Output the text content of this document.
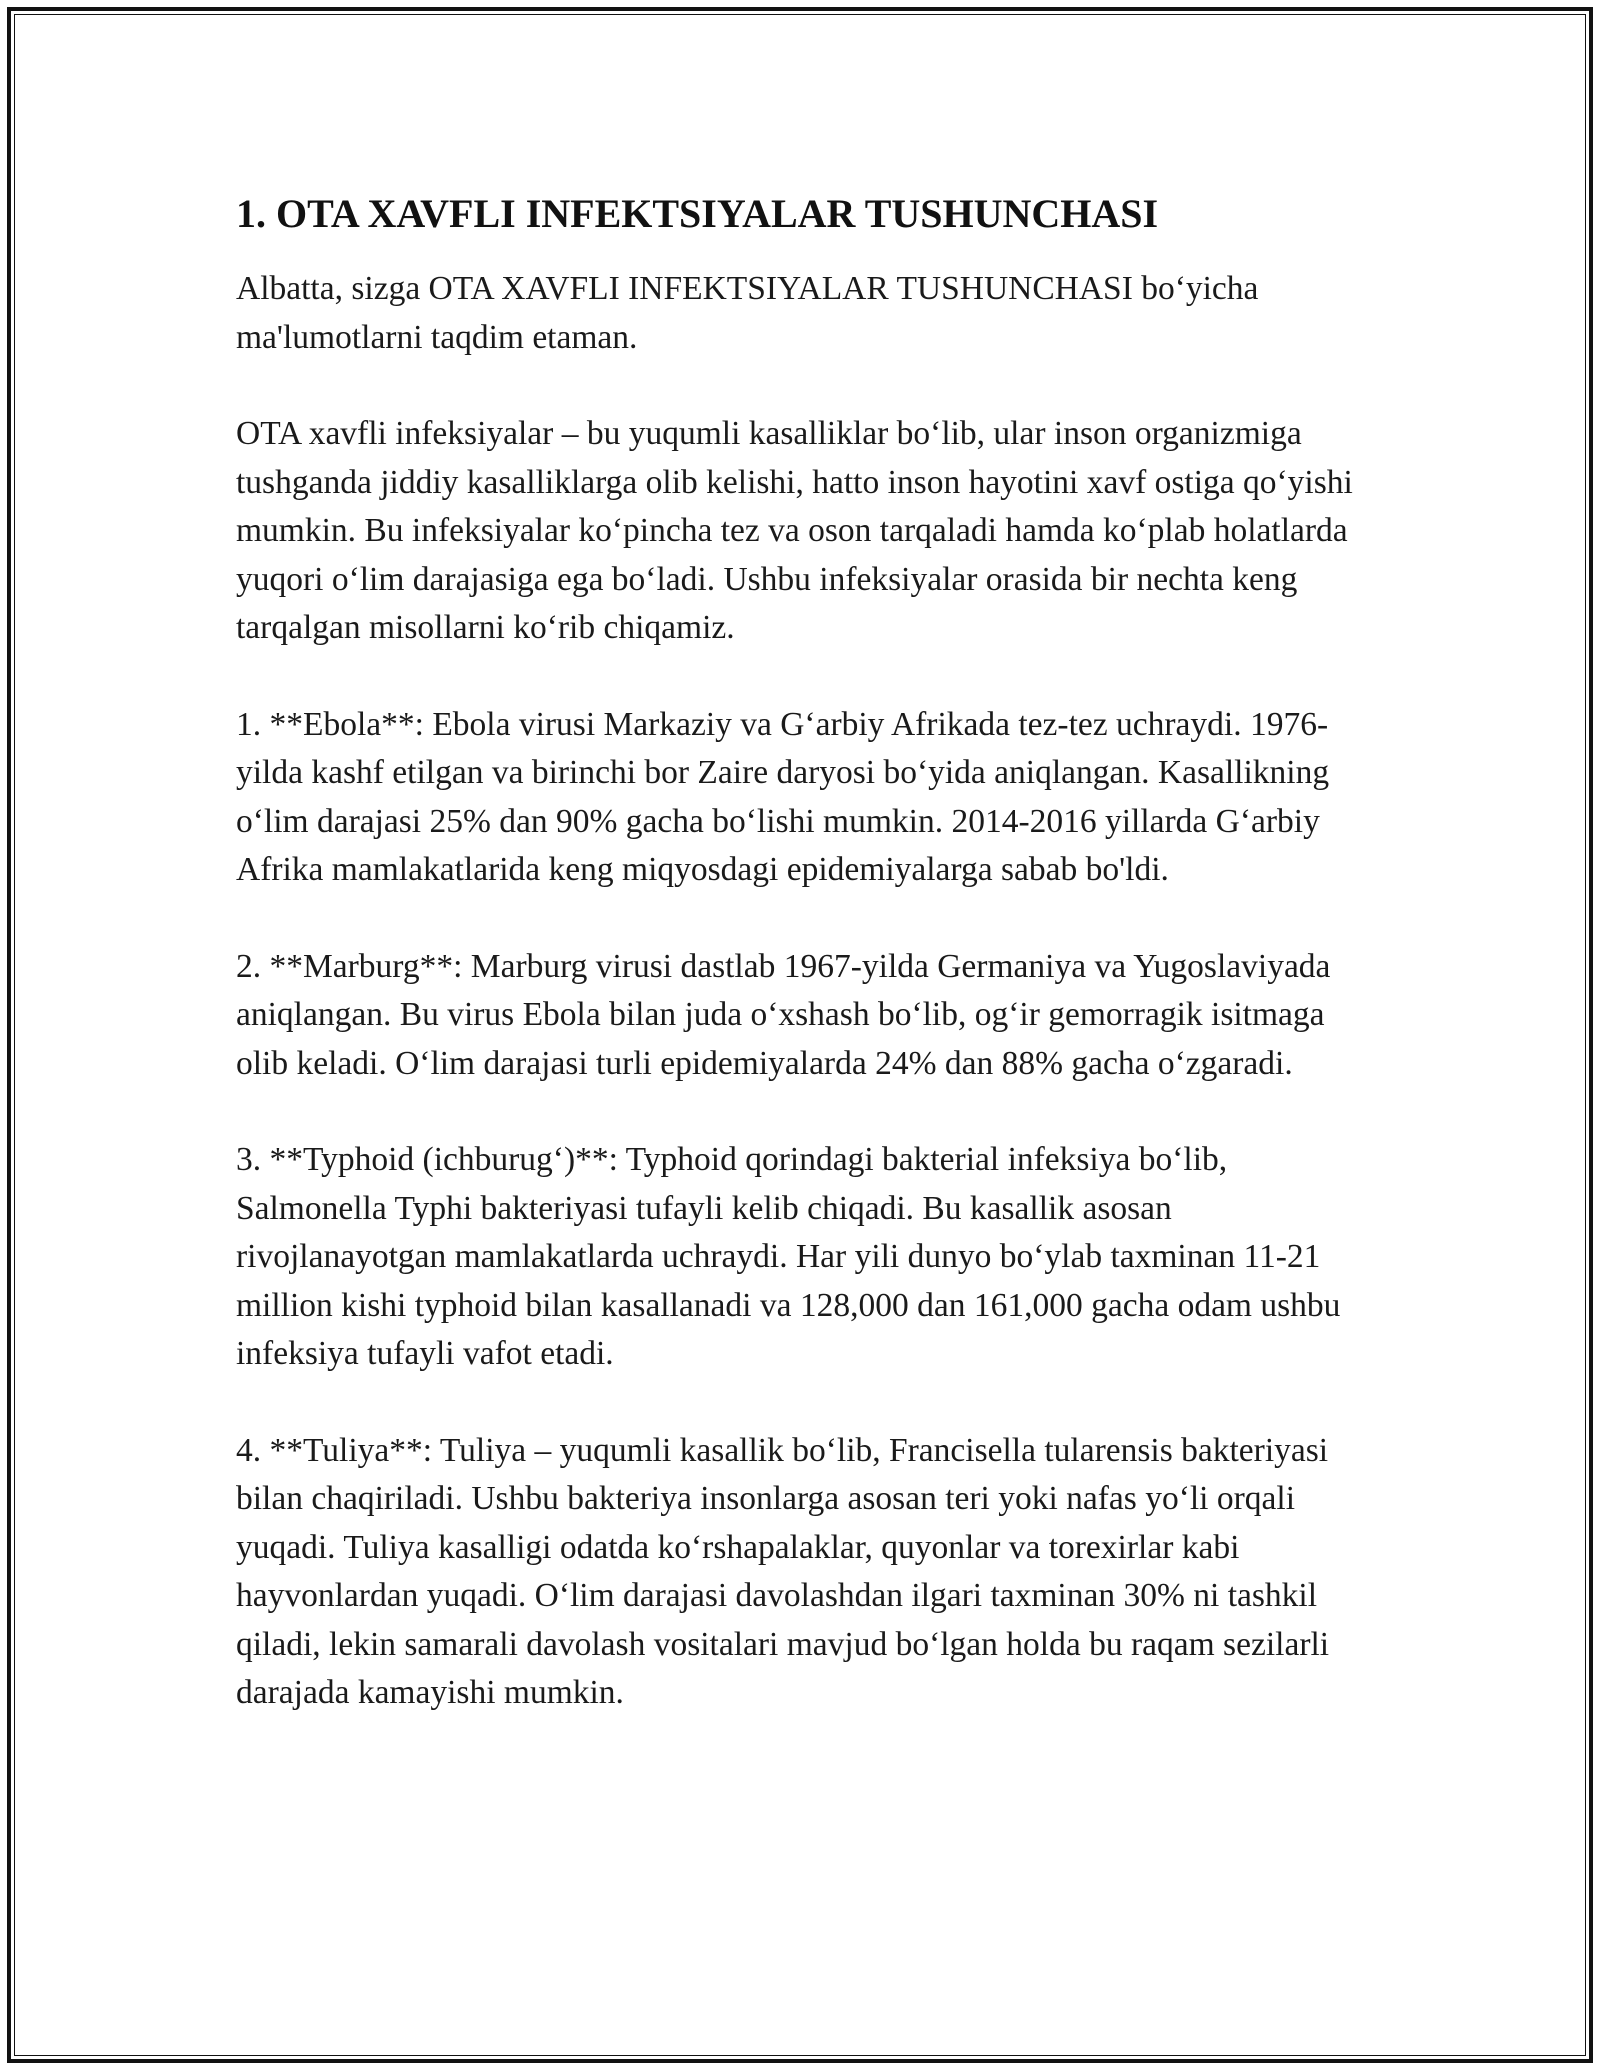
1. OTA XAVFLI INFEKTSIYALAR TUSHUNCHASI

Albatta, sizga OTA XAVFLI INFEKTSIYALAR TUSHUNCHASI bo‘yicha ma'lumotlarni taqdim etaman.

OTA xavfli infeksiyalar – bu yuqumli kasalliklar bo‘lib, ular inson organizmiga tushganda jiddiy kasalliklarga olib kelishi, hatto inson hayotini xavf ostiga qo‘yishi mumkin. Bu infeksiyalar ko‘pincha tez va oson tarqaladi hamda ko‘plab holatlarda yuqori o‘lim darajasiga ega bo‘ladi. Ushbu infeksiyalar orasida bir nechta keng tarqalgan misollarni ko‘rib chiqamiz.

1. **Ebola**: Ebola virusi Markaziy va G‘arbiy Afrikada tez-tez uchraydi. 1976-yilda kashf etilgan va birinchi bor Zaire daryosi bo‘yida aniqlangan. Kasallikning o‘lim darajasi 25% dan 90% gacha bo‘lishi mumkin. 2014-2016 yillarda G‘arbiy Afrika mamlakatlarida keng miqyosdagi epidemiyalarga sabab bo'ldi.

2. **Marburg**: Marburg virusi dastlab 1967-yilda Germaniya va Yugoslaviyada aniqlangan. Bu virus Ebola bilan juda o‘xshash bo‘lib, og‘ir gemorragik isitmaga olib keladi. O‘lim darajasi turli epidemiyalarda 24% dan 88% gacha o‘zgaradi.

3. **Typhoid (ichburug‘)**: Typhoid qorindagi bakterial infeksiya bo‘lib, Salmonella Typhi bakteriyasi tufayli kelib chiqadi. Bu kasallik asosan rivojlanayotgan mamlakatlarda uchraydi. Har yili dunyo bo‘ylab taxminan 11-21 million kishi typhoid bilan kasallanadi va 128,000 dan 161,000 gacha odam ushbu infeksiya tufayli vafot etadi.

4. **Tuliya**: Tuliya – yuqumli kasallik bo‘lib, Francisella tularensis bakteriyasi bilan chaqiriladi. Ushbu bakteriya insonlarga asosan teri yoki nafas yo‘li orqali yuqadi. Tuliya kasalligi odatda ko‘rshapalaklar, quyonlar va torexirlar kabi hayvonlardan yuqadi. O‘lim darajasi davolashdan ilgari taxminan 30% ni tashkil qiladi, lekin samarali davolash vositalari mavjud bo‘lgan holda bu raqam sezilarli darajada kamayishi mumkin.
